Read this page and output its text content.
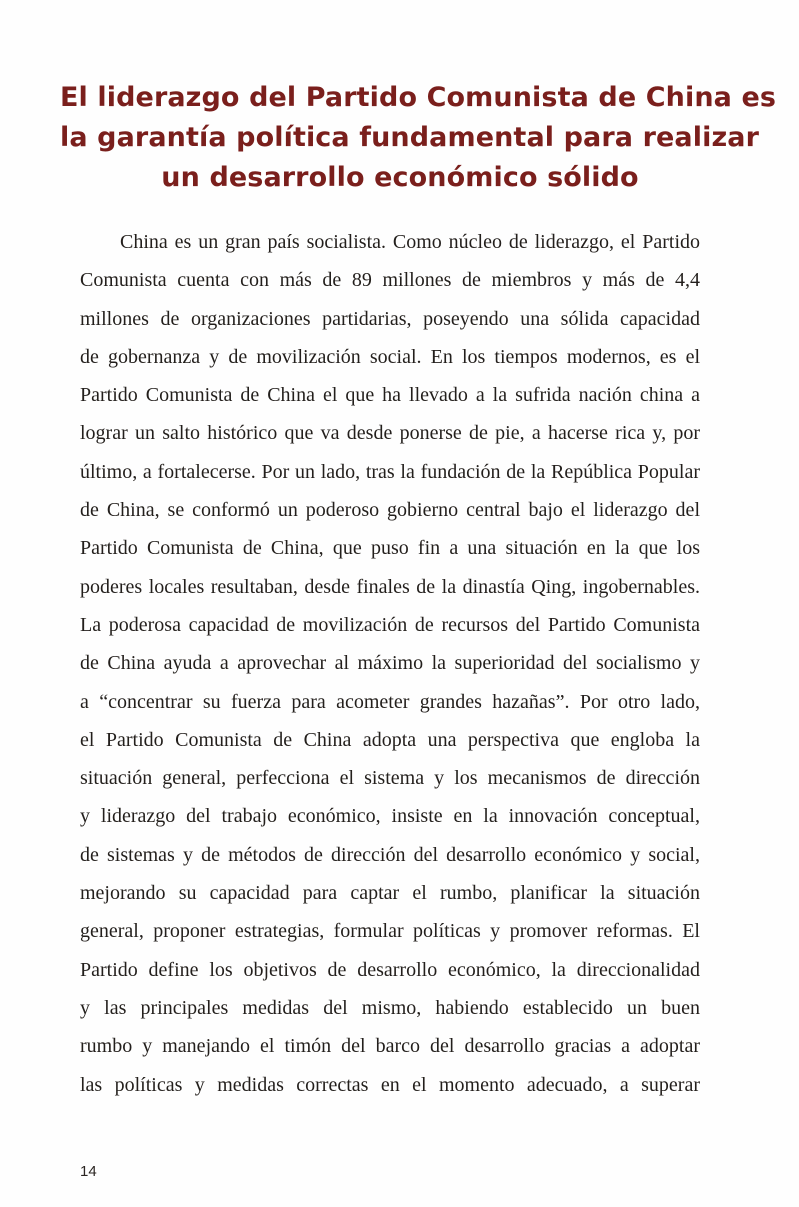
El liderazgo del Partido Comunista de China es
la garantía política fundamental para realizar
un desarrollo económico sólido
China es un gran país socialista. Como núcleo de liderazgo, el Partido
Comunista cuenta con más de 89 millones de miembros y más de 4,4
millones de organizaciones partidarias, poseyendo una sólida capacidad
de gobernanza y de movilización social. En los tiempos modernos, es el
Partido Comunista de China el que ha llevado a la sufrida nación china a
lograr un salto histórico que va desde ponerse de pie, a hacerse rica y, por
último, a fortalecerse. Por un lado, tras la fundación de la República Popular
de China, se conformó un poderoso gobierno central bajo el liderazgo del
Partido Comunista de China, que puso fin a una situación en la que los
poderes locales resultaban, desde finales de la dinastía Qing, ingobernables.
La poderosa capacidad de movilización de recursos del Partido Comunista
de China ayuda a aprovechar al máximo la superioridad del socialismo y
a “concentrar su fuerza para acometer grandes hazañas”. Por otro lado,
el Partido Comunista de China adopta una perspectiva que engloba la
situación general, perfecciona el sistema y los mecanismos de dirección
y liderazgo del trabajo económico, insiste en la innovación conceptual,
de sistemas y de métodos de dirección del desarrollo económico y social,
mejorando su capacidad para captar el rumbo, planificar la situación
general, proponer estrategias, formular políticas y promover reformas. El
Partido define los objetivos de desarrollo económico, la direccionalidad
y las principales medidas del mismo, habiendo establecido un buen
rumbo y manejando el timón del barco del desarrollo gracias a adoptar
las políticas y medidas correctas en el momento adecuado, a superar
14
